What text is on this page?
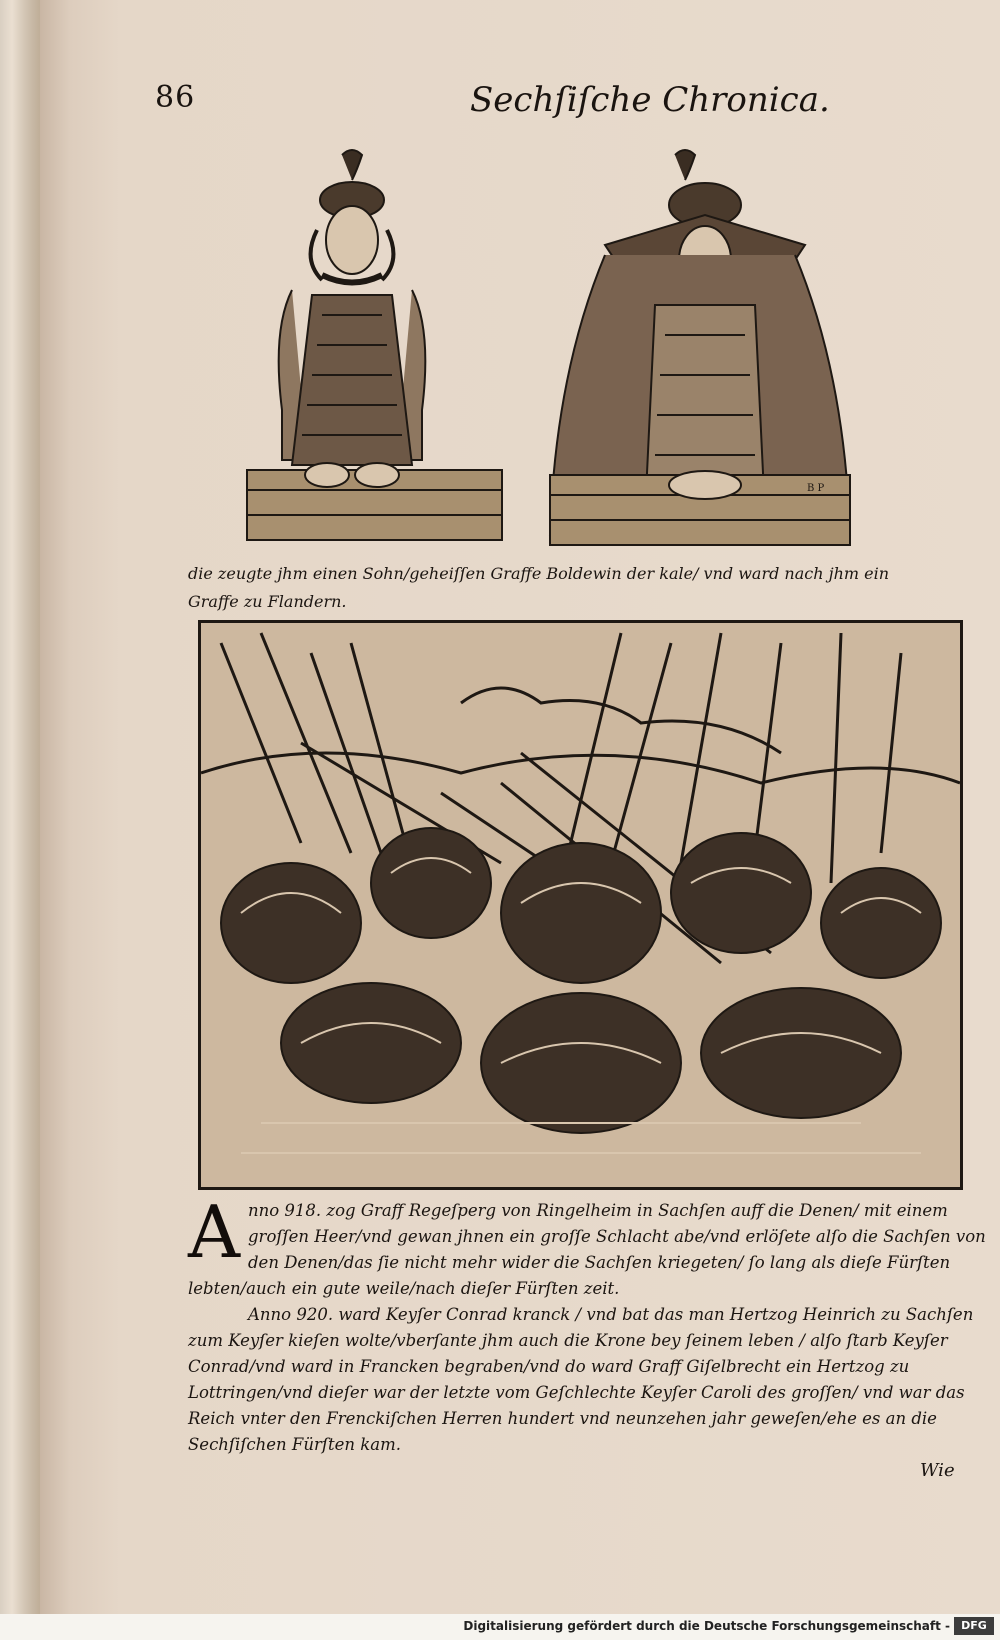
86	Sechſiſche Chronica.
B P
die zeugte jhm einen Sohn/geheiſſen Graffe Boldewin der kale/ vnd ward nach jhm ein
Graffe zu Flandern.

Anno 918. zog Graff Regeſperg von Ringelheim in Sachſen auff die Denen/ mit einem groſſen Heer/vnd gewan jhnen ein groſſe Schlacht abe/vnd erlöſete alſo die Sachſen von den Denen/das ſie nicht mehr wider die Sachſen kriegeten/ ſo lang als dieſe Fürſten lebten/auch ein gute weile/nach dieſer Fürſten zeit.

Anno 920. ward Keyſer Conrad kranck / vnd bat das man Hertzog Heinrich zu Sachſen zum Keyſer kieſen wolte/vberſante jhm auch die Krone bey ſeinem leben / alſo ſtarb Keyſer Conrad/vnd ward in Francken begraben/vnd do ward Graff Giſelbrecht ein Hertzog zu Lottringen/vnd dieſer war der letzte vom Geſchlechte Keyſer Caroli des groſſen/ vnd war das Reich vnter den Frenckiſchen Herren hundert vnd neunzehen jahr geweſen/ehe es an die Sechſiſchen Fürſten kam.

Wie
Digitalisierung gefördert durch die Deutsche Forschungsgemeinschaft -	DFG
